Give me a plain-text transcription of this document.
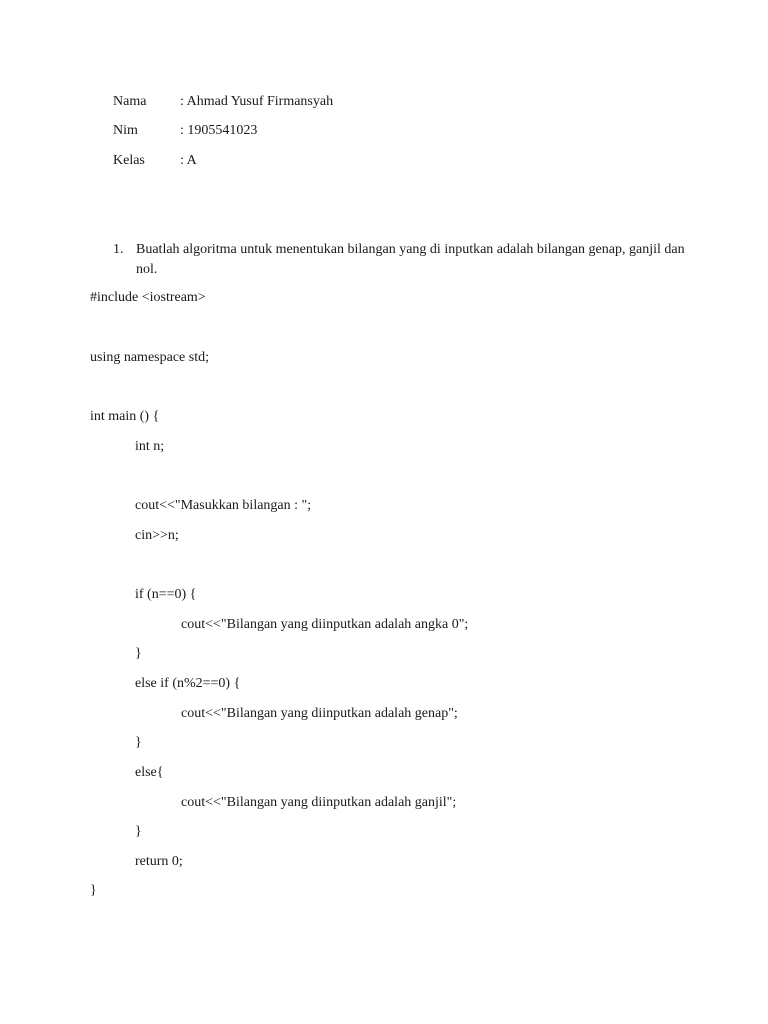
Nama : Ahmad Yusuf Firmansyah
Nim	: 1905541023
Kelas	: A
1. Buatlah algoritma untuk menentukan bilangan yang di inputkan adalah bilangan genap, ganjil dan nol.
#include <iostream>
using namespace std;
int main () {
int n;
cout<<"Masukkan bilangan : ";
cin>>n;
if (n==0) {
cout<<"Bilangan yang diinputkan adalah angka 0";
}
else if (n%2==0) {
cout<<"Bilangan yang diinputkan adalah genap";
}
else{
cout<<"Bilangan yang diinputkan adalah ganjil";
}
return 0;
}
